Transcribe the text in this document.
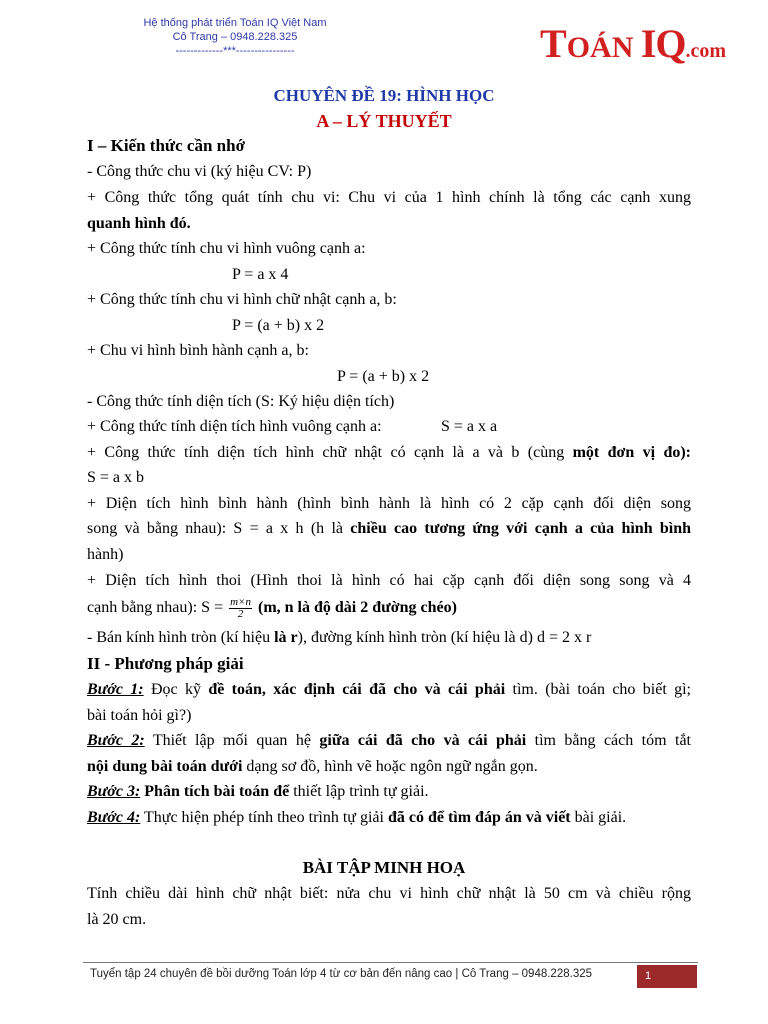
Hệ thống phát triển Toán IQ Việt Nam
Cô Trang – 0948.228.325
-------------***----------------	TOÁN IQ.com
CHUYÊN ĐỀ 19: HÌNH HỌC
A – LÝ THUYẾT
I – Kiến thức cần nhớ
- Công thức chu vi (ký hiệu CV: P)
+ Công thức tổng quát tính chu vi: Chu vi của 1 hình chính là tổng các cạnh xung
quanh hình đó.
+ Công thức tính chu vi hình vuông cạnh a:
P = a x 4
+ Công thức tính chu vi hình chữ nhật cạnh a, b:
P = (a + b) x 2
+ Chu vi hình bình hành cạnh a, b:
P = (a + b) x 2
- Công thức tính diện tích (S: Ký hiệu diện tích)
+ Công thức tính diện tích hình vuông cạnh a:	S = a x a
+ Công thức tính diện tích hình chữ nhật có cạnh là a và b (cùng một đơn vị đo):
S = a x b
+ Diện tích hình bình hành (hình bình hành là hình có 2 cặp cạnh đối diện song
song và bằng nhau): S = a x h (h là chiều cao tương ứng với cạnh a của hình bình
hành)
+ Diện tích hình thoi (Hình thoi là hình có hai cặp cạnh đối diện song song và 4
cạnh bằng nhau): $S = \frac{m\times n}{2} (m$, n là độ dài 2 đường chéo)
- Bán kính hình tròn (kí hiệu là r), đường kính hình tròn (kí hiệu là d) d = 2 x r
II - Phương pháp giải
Bước 1: Đọc kỹ đề toán, xác định cái đã cho và cái phải tìm. (bài toán cho biết gì;
bài toán hỏi gì?)
Bước 2: Thiết lập mối quan hệ giữa cái đã cho và cái phải tìm bằng cách tóm tắt
nội dung bài toán dưới dạng sơ đồ, hình vẽ hoặc ngôn ngữ ngắn gọn.
Bước 3: Phân tích bài toán để thiết lập trình tự giải.
Bước 4: Thực hiện phép tính theo trình tự giải đã có để tìm đáp án và viết bài giải.
BÀI TẬP MINH HOẠ
Tính chiều dài hình chữ nhật biết: nửa chu vi hình chữ nhật là 50 cm và chiều rộng
là 20 cm.
Tuyển tập 24 chuyên đề bồi dưỡng Toán lớp 4 từ cơ bản đến nâng cao | Cô Trang – 0948.228.325	1
